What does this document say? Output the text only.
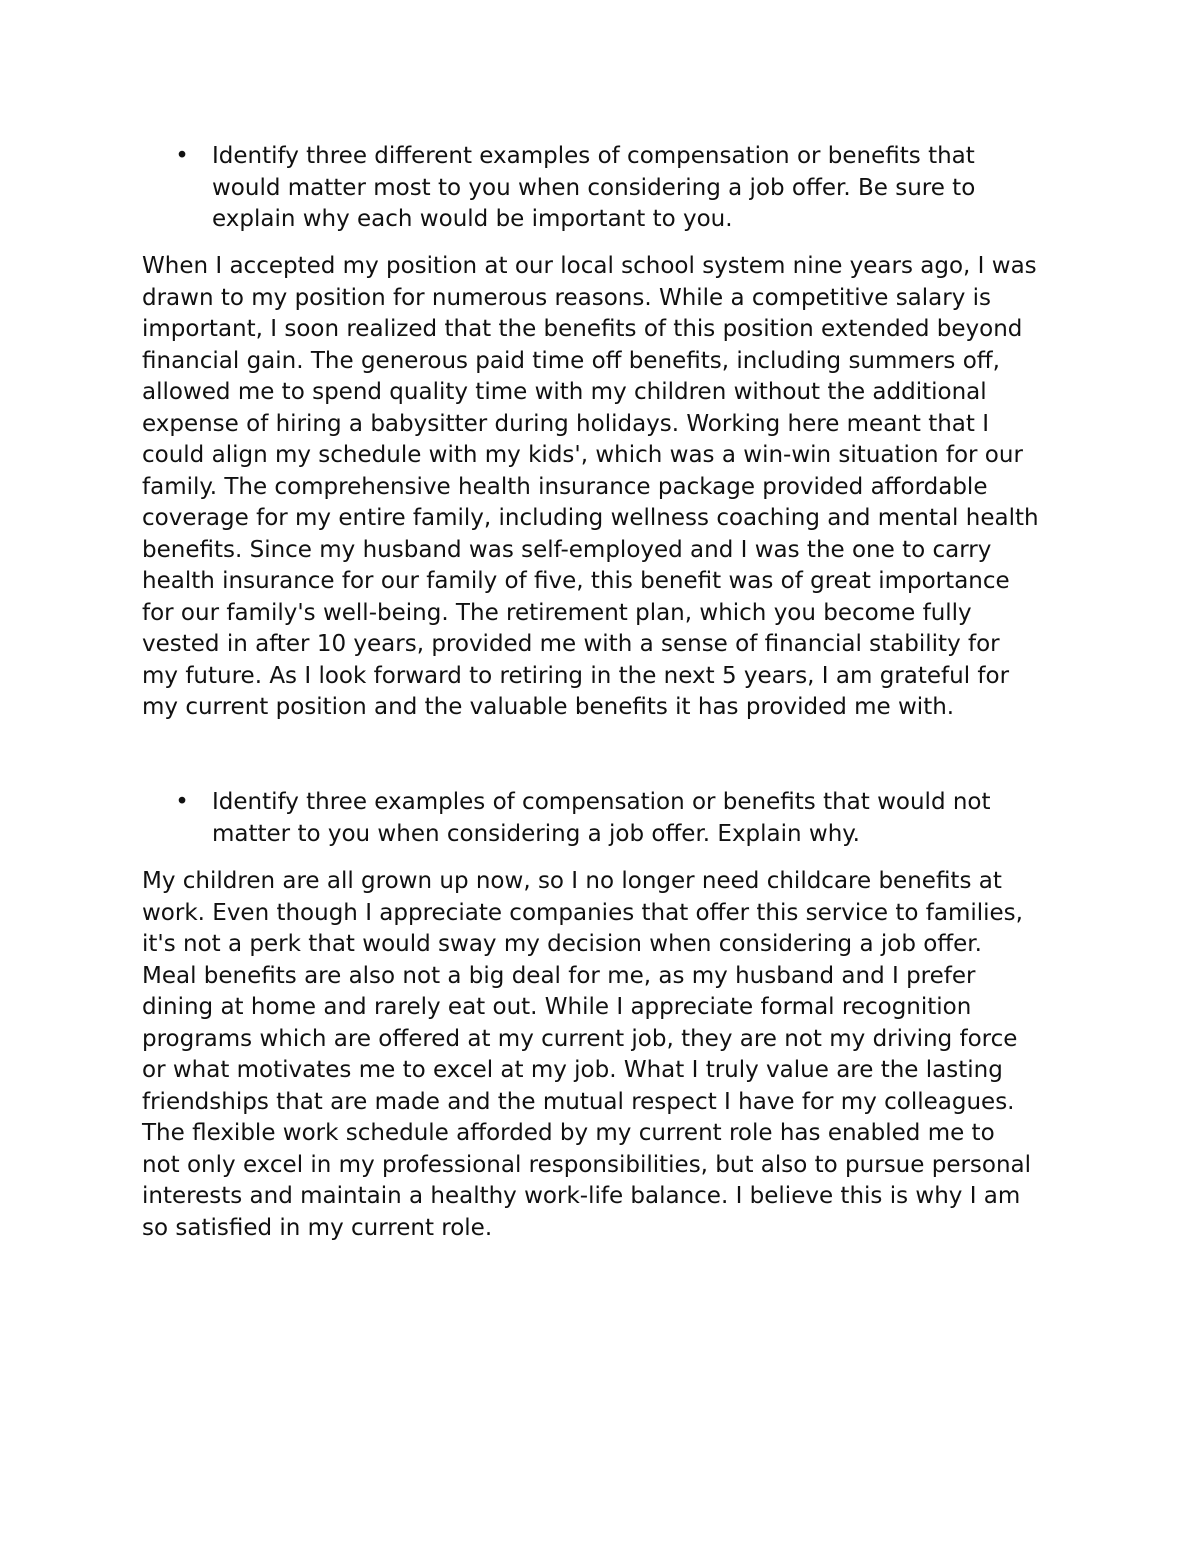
• Identify three different examples of compensation or benefits that
would matter most to you when considering a job offer. Be sure to
explain why each would be important to you.
When I accepted my position at our local school system nine years ago, I was
drawn to my position for numerous reasons. While a competitive salary is
important, I soon realized that the benefits of this position extended beyond
financial gain. The generous paid time off benefits, including summers off,
allowed me to spend quality time with my children without the additional
expense of hiring a babysitter during holidays. Working here meant that I
could align my schedule with my kids', which was a win-win situation for our
family. The comprehensive health insurance package provided affordable
coverage for my entire family, including wellness coaching and mental health
benefits. Since my husband was self-employed and I was the one to carry
health insurance for our family of five, this benefit was of great importance
for our family's well-being. The retirement plan, which you become fully
vested in after 10 years, provided me with a sense of financial stability for
my future. As I look forward to retiring in the next 5 years, I am grateful for
my current position and the valuable benefits it has provided me with.
• Identify three examples of compensation or benefits that would not
matter to you when considering a job offer. Explain why.
My children are all grown up now, so I no longer need childcare benefits at
work. Even though I appreciate companies that offer this service to families,
it's not a perk that would sway my decision when considering a job offer.
Meal benefits are also not a big deal for me, as my husband and I prefer
dining at home and rarely eat out. While I appreciate formal recognition
programs which are offered at my current job, they are not my driving force
or what motivates me to excel at my job. What I truly value are the lasting
friendships that are made and the mutual respect I have for my colleagues.
The flexible work schedule afforded by my current role has enabled me to
not only excel in my professional responsibilities, but also to pursue personal
interests and maintain a healthy work-life balance. I believe this is why I am
so satisfied in my current role.
